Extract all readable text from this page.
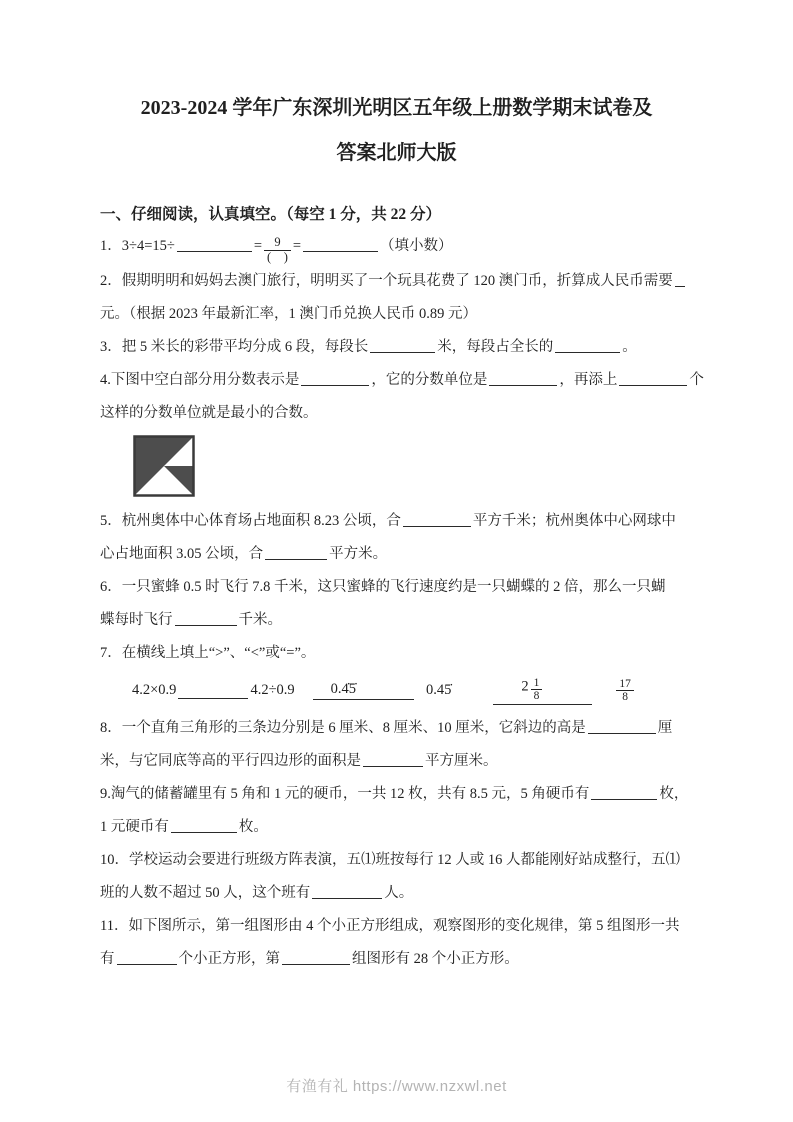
2023-2024 学年广东深圳光明区五年级上册数学期末试卷及
答案北师大版
一、仔细阅读，认真填空。（每空 1 分，共 22 分）
1．3÷4=15÷	= $\frac{9}{( )}$ =	（填小数）
2．假期明明和妈妈去澳门旅行，明明买了一个玩具花费了 120 澳门币，折算成人民币需要
元。（根据 2023 年最新汇率，1 澳门币兑换人民币 0.89 元）
3．把 5 米长的彩带平均分成 6 段，每段长	米，每段占全长的	。
4.下图中空白部分用分数表示是	，它的分数单位是	，再添上	个
这样的分数单位就是最小的合数。
5．杭州奥体中心体育场占地面积 8.23 公顷，合	平方千米；杭州奥体中心网球中
心占地面积 3.05 公顷，合	平方米。
6．一只蜜蜂 0.5 时飞行 7.8 千米，这只蜜蜂的飞行速度约是一只蝴蝶的 2 倍，那么一只蝴
蝶每时飞行	千米。
7．在横线上填上“>”、“<”或“=”。
4.2×0.9	4.2÷0.9	0.4̇5̇	0.45̇	$2 \frac{1}{8}$	$\frac{17}{8}$
8．一个直角三角形的三条边分别是 6 厘米、8 厘米、10 厘米，它斜边的高是	厘
米，与它同底等高的平行四边形的面积是	平方厘米。
9.淘气的储蓄罐里有 5 角和 1 元的硬币，一共 12 枚，共有 8.5 元，5 角硬币有	枚，
1 元硬币有	枚。
10．学校运动会要进行班级方阵表演，五⑴班按每行 12 人或 16 人都能刚好站成整行，五⑴
班的人数不超过 50 人，这个班有	人。
11．如下图所示，第一组图形由 4 个小正方形组成，观察图形的变化规律，第 5 组图形一共
有	个小正方形，第	组图形有 28 个小正方形。
有渔有礼 https://www.nzxwl.net
